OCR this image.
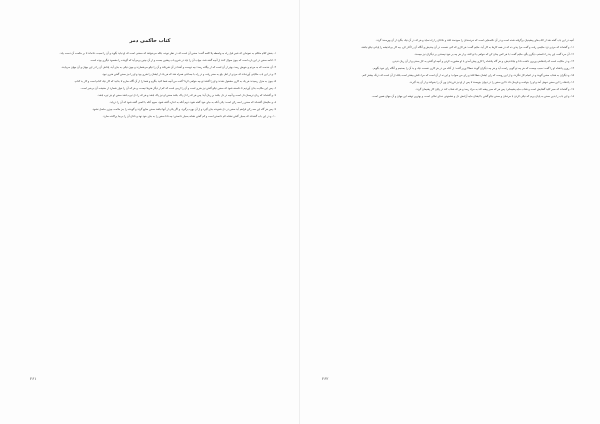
کتاب حاکمی دمر
۱- بخش کلام متکلم به نمونه‌ای که شیر فیل راه به واسطه پلا کلمه گفت؛ سخن آن است که در نظر نبوده، بلکه می‌خواهد که سخنی است که او نباید بگوید و آن را نسبت داده‌اند تا بر حکمت آن دست یابد.
۲- ادامه سخن در این باره است که چون سوال کنند از آنچه گفته شد، جواب آن را باید در شرح باب پیشین جست و از آن چنین برمی‌آید که گوینده را مقصود دیگری بوده است.
۳- آن خدمت که به مردم و خویش رسد، بهتر از آن است که از بیگانه رسد؛ چه دوست و آشنا در آن شریکند و آن را نیکو می‌شمارند و چون نیکی به جای آید، پاداش آن را در این جهان و آن جهان می‌یابند.
۴- و در این باب حکایتی آورده‌اند که مردی از اهل بلخ به سفر رفت و در راه با جماعتی همراه شد که هر یک از ایشان را هنری بود و او را جز سخن گفتن هنری نبود.
۵- چون به منزل رسیدند هر یک به کاری مشغول شدند و او را گفتند تو چه خواهی کرد؟ گفت من آنچه شما کنید بنگرم و شما را از آن آگاه سازم تا بدانید که کار نیک کدام است و کار بد کدام.
۶- پس این حکایت بدان آوردیم تا دانسته شود که سخن نیکو گفتن نیز هنری است و آن را ارجی است که کم از دیگر هنرها نیست، و هر که آن را خوار شمارد از حقیقت آن بی‌خبر است.
۷- و گفته‌اند که زبان ترجمان دل است و آنچه در دل باشد بر زبان آید؛ پس هر که را دل پاک باشد سخن او نیز پاک باشد و هر که را دل تیره باشد سخن او نیز تیره باشد.
۸- و حکیمان گفته‌اند که سخن را سه رکن است: یکی آنکه به جای خود گفته شود، دوم آنکه به اندازه گفته شود، سوم آنکه با کسی گفته شود که آن را دریابد.
۹- پس هر گاه این سه رکن فراهم آید سخن در دل شنونده جای گیرد و از آن بهره برگیرد، و اگر یکی از آنها نباشد سخن ضایع گردد و گوینده را جز ملامت چیزی حاصل نشود.
۱۰- و در این باب گفته‌اند که بسیار گفتن نشانه کم دانستن است و کم گفتن نشانه بسیار دانستن؛ چه دانا سخن را به جای خود نهد و نادان آن را بی‌جا پراکنده سازد.
آنچه در این باب گفته شد از کتاب‌های پیشینیان برگرفته شده است و در آن نکته‌هایی است که خردمندان را سودمند افتد و نادانان را راه نماید و هر که در آن نیک بنگرد از آن بهره‌مند گردد.
۱۱- و گفته‌اند که مردی نزد حکیمی رفت و گفت مرا پندی ده که در همه کارها به کار آید. حکیم گفت: هر کاری که کنی نخست در آن بیندیش و آنگاه آن را آغاز کن، چه کار بی‌اندیشه را پایانی نیکو نباشد.
۱۲- آن مرد گفت این پند را دانستم، دیگری بگو. حکیم گفت: با هر کس چنان کن که خواهی با تو کنند، و از هر چه بر خود نپسندی بر دیگران نیز مپسند.
۱۳- و در حکایت است که پادشاهی وزیری داشت دانا و نیک‌اندیش، و هر گاه پادشاه را کاری پیش آمدی با او مشورت کردی و آنچه او گفتی به کار بستی و از آن زیان ندیدی.
۱۴- روزی پادشاه او را گفت: سبب چیست که هر چه تو گویی راست آید و هر چه دیگران گویند خطا؟ وزیر گفت: از آنکه من در هر کاری نخست نیک و بد آن را بسنجم و آنگاه رای خود بگویم.
۱۵- و دیگران به شتاب سخن گویند و در انجام کار ننگرند، و از این روست که رای ایشان خطا افتد و رای من صواب؛ و این نه از آن است که مرا دانش بیشتر است بلکه از آن است که درنگ بیشتر کنم.
۱۶- پادشاه را این سخن خوش آمد و او را بنواخت و فرمان داد تا این سخن را در دیوان بنویسند تا پس از او نیز فرزندان وی آن را بخوانند و از آن پند گیرند.
۱۷- و گفته‌اند که صبر کلید گشایش است و شتاب مایه پشیمانی؛ پس هر که صبر پیشه کند به مراد رسد و هر که شتاب کند در پایان کار پشیمان گردد.
۱۸- و این باب را بدین سخن به پایان بریم که نیکی کردن با مردمان و سخن نیکو گفتن با ایشان مایه آرامش دل و خشنودی خدای تعالی است، و بهترین توشه این جهان و آن جهان همین است.
۲۶۱	۲۶۲
